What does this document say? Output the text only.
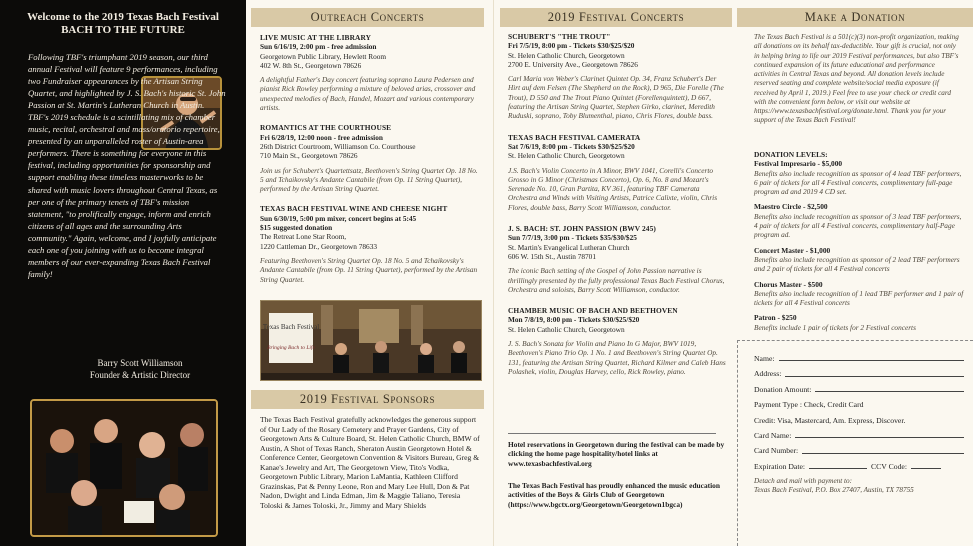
Welcome to the 2019 Texas Bach Festival
BACH TO THE FUTURE
Following TBF's triumphant 2019 season, our third annual Festival will feature 9 performances, including two Fundraiser appearances by the Artisan String Quartet, and highlighted by J. S. Bach's historic St. John Passion at St. Martin's Lutheran Church in Austin. TBF's 2019 schedule is a scintillating mix of chamber music, recital, orchestral and mass/oratorio repertoire, presented by an unparalleled roster of Austin-area performers. There is something for everyone in this festival, including opportunities for sponsorship and support enabling these timeless masterworks to be shared with music lovers throughout Central Texas, as per one of the primary tenets of TBF's mission statement, "to prolifically engage, inform and enrich citizens of all ages and the surrounding Arts community." Again, welcome, and I joyfully anticipate each one of you joining with us to become integral members of our ever-expanding Texas Bach Festival family!
Barry Scott Williamson
Founder & Artistic Director
Outreach Concerts
LIVE MUSIC AT THE LIBRARY
Sun 6/16/19, 2:00 pm - free admission
Georgetown Public Library, Hewlett Room
402 W. 8th St., Georgetown 78626
A delightful Father's Day concert featuring soprano Laura Pedersen and pianist Rick Rowley performing a mixture of beloved arias, crossover and unexpected melodies of Bach, Handel, Mozart and various contemporary artists.
ROMANTICS AT THE COURTHOUSE
Fri 6/28/19, 12:00 noon - free admission
26th District Courtroom, Williamson Co. Courthouse
710 Main St., Georgetown 78626
Join us for Schubert's Quartettsatz, Beethoven's String Quartet Op. 18 No. 5 and Tchaikovsky's Andante Cantabile (from Op. 11 String Quartet), performed by the Artisan String Quartet.
TEXAS BACH FESTIVAL WINE AND CHEESE NIGHT
Sun 6/30/19, 5:00 pm mixer, concert begins at 5:45
$15 suggested donation
The Retreat Lone Star Room,
1220 Cattleman Dr., Georgetown 78633
Featuring Beethoven's String Quartet Op. 18 No. 5 and Tchaikovsky's Andante Cantabile (from Op. 11 String Quartet), performed by the Artisan String Quartet.
Texas Bach Festival
Bringing Bach to Life
2019 Festival Sponsors
The Texas Bach Festival gratefully acknowledges the generous support of Our Lady of the Rosary Cemetery and Prayer Gardens, City of Georgetown Arts & Culture Board, St. Helen Catholic Church, BMW of Austin, A Shot of Texas Ranch, Sheraton Austin Georgetown Hotel & Conference Center, Georgetown Convention & Visitors Bureau, Greg & Kanae's Jewelry and Art, The Georgetown View, Tito's Vodka, Georgetown Public Library, Marion LaMantia, Kathleen Clifford Grazinskas, Pat & Penny Leone, Ron and Mary Lee Hull, Don & Pat Nadon, Dwight and Linda Edman, Jim & Maggie Taliano, Teresia Toloski & James Toloski, Jr., Jimmy and Mary Shields
2019 Festival Concerts
SCHUBERT'S "THE TROUT"
Fri 7/5/19, 8:00 pm - Tickets $30/$25/$20
St. Helen Catholic Church, Georgetown
2700 E. University Ave., Georgetown 78626
Carl Maria von Weber's Clarinet Quintet Op. 34, Franz Schubert's Der Hirt auf dem Felsen (The Shepherd on the Rock), D 965, Die Forelle (The Trout), D 550 and The Trout Piano Quintet (Forellenquintett), D 667, featuring the Artisan String Quartet, Stephen Girko, clarinet, Meredith Ruduski, soprano, Toby Blumenthal, piano, Chris Flores, double bass.
TEXAS BACH FESTIVAL CAMERATA
Sat 7/6/19, 8:00 pm - Tickets $30/$25/$20
St. Helen Catholic Church, Georgetown
J.S. Bach's Violin Concerto in A Minor, BWV 1041, Corelli's Concerto Grosso in G Minor (Christmas Concerto), Op. 6, No. 8 and Mozart's Serenade No. 10, Gran Partita, KV 361, featuring TBF Camerata Orchestra and Winds with Visiting Artists, Patrice Calixte, violin, Chris Flores, double bass, Barry Scott Williamson, conductor.
J. S. BACH: ST. JOHN PASSION (BWV 245)
Sun 7/7/19, 3:00 pm - Tickets $35/$30/$25
St. Martin's Evangelical Lutheran Church
606 W. 15th St., Austin 78701
The iconic Bach setting of the Gospel of John Passion narrative is thrillingly presented by the fully professional Texas Bach Festival Chorus, Orchestra and soloists, Barry Scott Williamson, conductor.
CHAMBER MUSIC OF BACH AND BEETHOVEN
Mon 7/8/19, 8:00 pm - Tickets $30/$25/$20
St. Helen Catholic Church, Georgetown
J. S. Bach's Sonata for Violin and Piano In G Major, BWV 1019, Beethoven's Piano Trio Op. 1 No. 1 and Beethoven's String Quartet Op. 131, featuring the Artisan String Quartet, Richard Kilmer and Caleb Hans Polashek, violin, Douglas Harvey, cello, Rick Rowley, piano.
Hotel reservations in Georgetown during the festival can be made by clicking the home page hospitality/hotel links at www.texasbachfestival.org
The Texas Bach Festival has proudly enhanced the music education activities of the Boys & Girls Club of Georgetown (https://www.bgctx.org/Georgetown/Georgetown1bgca)
Make a Donation
The Texas Bach Festival is a 501(c)(3) non-profit organization, making all donations on its behalf tax-deductible. Your gift is crucial, not only in helping bring to life our 2019 Festival performances, but also TBF's continued expansion of its future educational and performance activities in Central Texas and beyond. All donation levels include reserved seating and complete website/social media exposure (if received by April 1, 2019.) Feel free to use your check or credit card with the convenient form below, or visit our website at https://www.texasbachfestival.org/donate.html. Thank you for your support of the Texas Bach Festival!
DONATION LEVELS:
Festival Impresario - $5,000
Benefits also include recognition as sponsor of 4 lead TBF performers, 6 pair of tickets for all 4 Festival concerts, complimentary full-page program ad and 2019 4 CD set.
Maestro Circle - $2,500
Benefits also include recognition as sponsor of 3 lead TBF performers, 4 pair of tickets for all 4 Festival concerts, complimentary half-Page program ad.
Concert Master - $1,000
Benefits also include recognition as sponsor of 2 lead TBF performers and 2 pair of tickets for all 4 Festival concerts
Chorus Master - $500
Benefits also include recognition of 1 lead TBF performer and 1 pair of tickets for all 4 Festival concerts
Patron - $250
Benefits include 1 pair of tickets for 2 Festival concerts
Name:
Address:
Donation Amount:
Payment Type : Check, Credit Card
Credit: Visa, Mastercard, Am. Express, Discover.
Card Name:
Card Number:
Expiration Date:	CCV Code:
Detach and mail with payment to:
Texas Bach Festival, P.O. Box 27407, Austin, TX 78755
